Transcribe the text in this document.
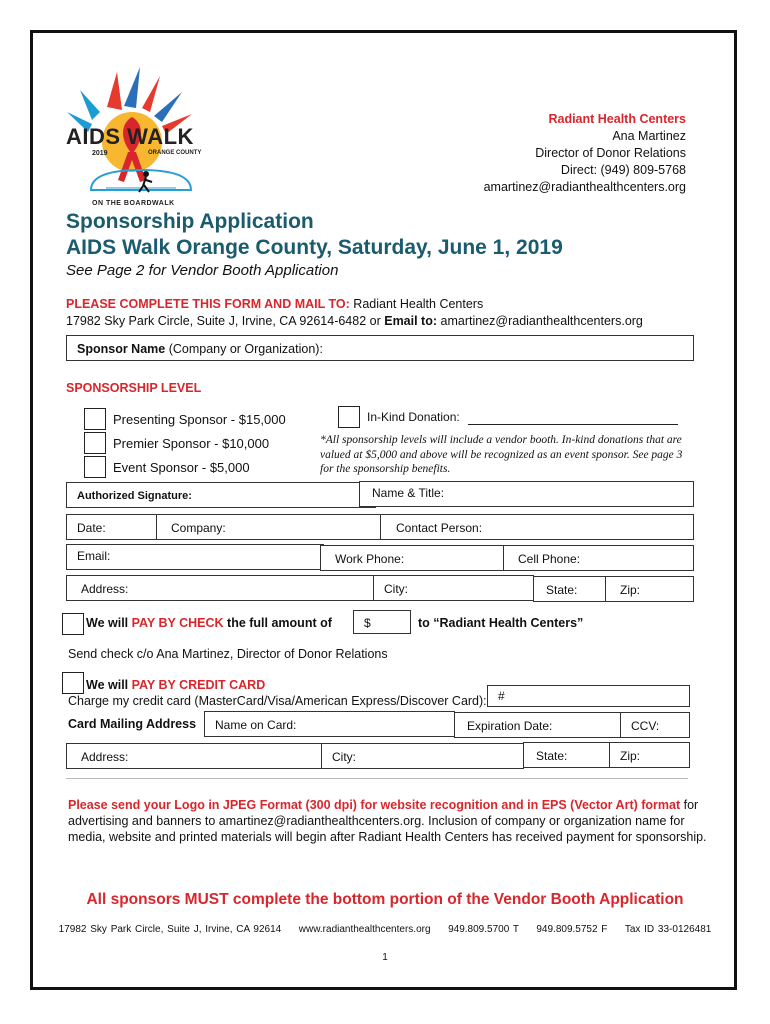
AIDS WALK
2019	ORANGE COUNTY
ON THE BOARDWALK
Radiant Health Centers
Ana Martinez
Director of Donor Relations
Direct: (949) 809-5768
amartinez@radianthealthcenters.org
Sponsorship Application
AIDS Walk Orange County, Saturday, June 1, 2019
See Page 2 for Vendor Booth Application
PLEASE COMPLETE THIS FORM AND MAIL TO: Radiant Health Centers
17982 Sky Park Circle, Suite J, Irvine, CA 92614-6482 or Email to: amartinez@radianthealthcenters.org
Sponsor Name (Company or Organization):
SPONSORSHIP LEVEL
Presenting Sponsor - $15,000
Premier Sponsor - $10,000
Event Sponsor - $5,000
In-Kind Donation:
*All sponsorship levels will include a vendor booth. In-kind donations that are valued at $5,000 and above will be recognized as an event sponsor. See page 3 for the sponsorship benefits.
Authorized Signature:	Name & Title:
Date:	Company:	Contact Person:
Email:	Work Phone:	Cell Phone:
Address:	City:	State:	Zip:
We will PAY BY CHECK the full amount of	$	to “Radiant Health Centers”
Send check c/o Ana Martinez, Director of Donor Relations
We will PAY BY CREDIT CARD
Charge my credit card (MasterCard/Visa/American Express/Discover Card): #
Card Mailing Address	Name on Card:	Expiration Date:	CCV:
Address:	City:	State:	Zip:
Please send your Logo in JPEG Format (300 dpi) for website recognition and in EPS (Vector Art) format for advertising and banners to amartinez@radianthealthcenters.org. Inclusion of company or organization name for media, website and printed materials will begin after Radiant Health Centers has received payment for sponsorship.
All sponsors MUST complete the bottom portion of the Vendor Booth Application
17982 Sky Park Circle, Suite J, Irvine, CA 92614 www.radianthealthcenters.org 949.809.5700 T 949.809.5752 F Tax ID 33-0126481
1
